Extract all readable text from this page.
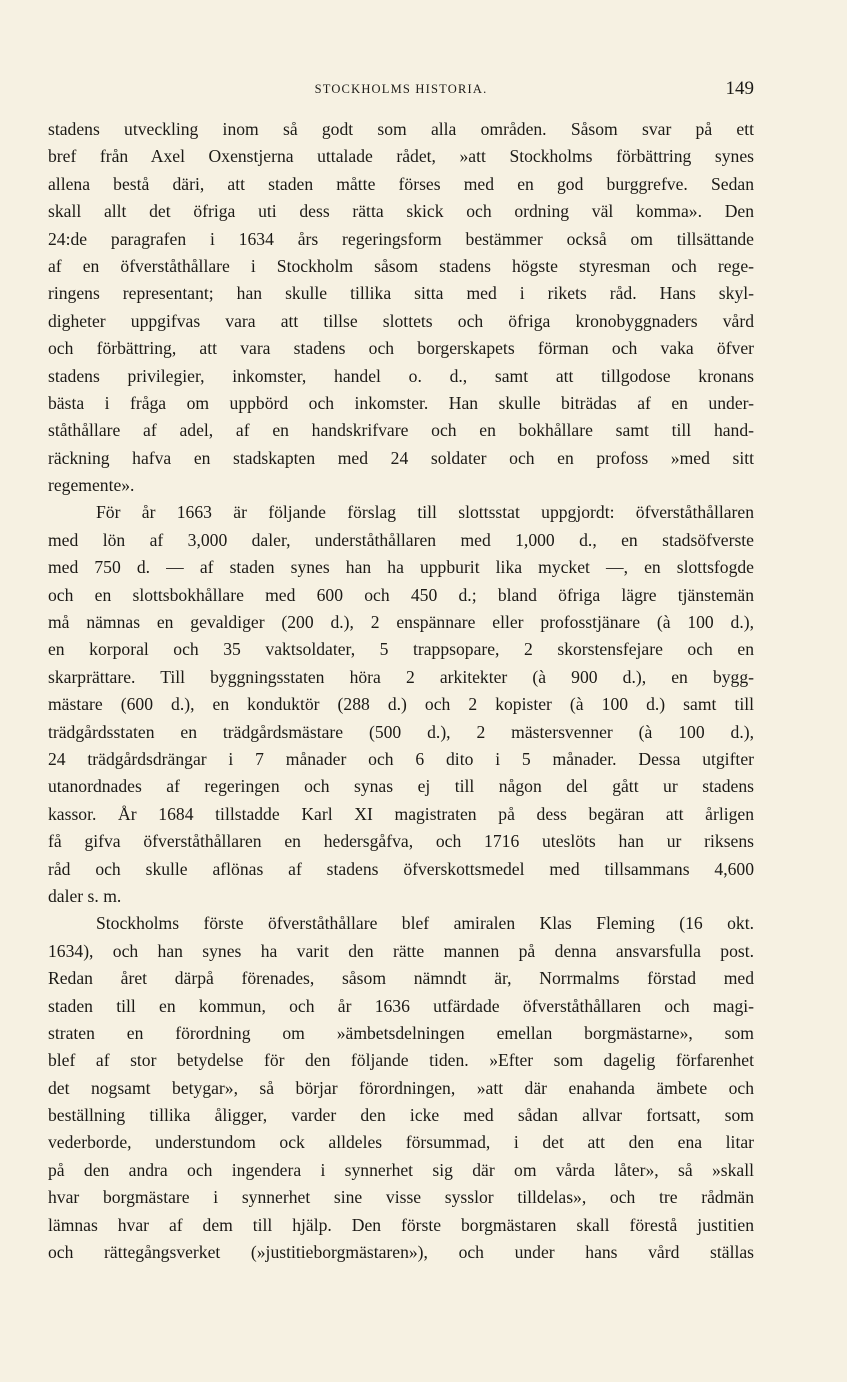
STOCKHOLMS HISTORIA.	149
stadens utveckling inom så godt som alla områden. Såsom svar på ett
bref från Axel Oxenstjerna uttalade rådet, »att Stockholms förbättring synes
allena bestå däri, att staden måtte förses med en god burggrefve. Sedan
skall allt det öfriga uti dess rätta skick och ordning väl komma». Den
24:de paragrafen i 1634 års regeringsform bestämmer också om tillsättande
af en öfverståthållare i Stockholm såsom stadens högste styresman och rege-
ringens representant; han skulle tillika sitta med i rikets råd. Hans skyl-
digheter uppgifvas vara att tillse slottets och öfriga kronobyggnaders vård
och förbättring, att vara stadens och borgerskapets förman och vaka öfver
stadens privilegier, inkomster, handel o. d., samt att tillgodose kronans
bästa i fråga om uppbörd och inkomster. Han skulle biträdas af en under-
ståthållare af adel, af en handskrifvare och en bokhållare samt till hand-
räckning hafva en stadskapten med 24 soldater och en profoss »med sitt
regemente».
För år 1663 är följande förslag till slottsstat uppgjordt: öfverståthållaren
med lön af 3,000 daler, underståthållaren med 1,000 d., en stadsöfverste
med 750 d. — af staden synes han ha uppburit lika mycket —, en slottsfogde
och en slottsbokhållare med 600 och 450 d.; bland öfriga lägre tjänstemän
må nämnas en gevaldiger (200 d.), 2 enspännare eller profosstjänare (à 100 d.),
en korporal och 35 vaktsoldater, 5 trappsopare, 2 skorstensfejare och en
skarprättare. Till byggningsstaten höra 2 arkitekter (à 900 d.), en bygg-
mästare (600 d.), en konduktör (288 d.) och 2 kopister (à 100 d.) samt till
trädgårdsstaten en trädgårdsmästare (500 d.), 2 mästersvenner (à 100 d.),
24 trädgårdsdrängar i 7 månader och 6 dito i 5 månader. Dessa utgifter
utanordnades af regeringen och synas ej till någon del gått ur stadens
kassor. År 1684 tillstadde Karl XI magistraten på dess begäran att årligen
få gifva öfverståthållaren en hedersgåfva, och 1716 uteslöts han ur riksens
råd och skulle aflönas af stadens öfverskottsmedel med tillsammans 4,600
daler s. m.
Stockholms förste öfverståthållare blef amiralen Klas Fleming (16 okt.
1634), och han synes ha varit den rätte mannen på denna ansvarsfulla post.
Redan året därpå förenades, såsom nämndt är, Norrmalms förstad med
staden till en kommun, och år 1636 utfärdade öfverståthållaren och magi-
straten en förordning om »ämbetsdelningen emellan borgmästarne», som
blef af stor betydelse för den följande tiden. »Efter som dagelig förfarenhet
det nogsamt betygar», så börjar förordningen, »att där enahanda ämbete och
beställning tillika åligger, varder den icke med sådan allvar fortsatt, som
vederborde, understundom ock alldeles försummad, i det att den ena litar
på den andra och ingendera i synnerhet sig där om vårda låter», så »skall
hvar borgmästare i synnerhet sine visse sysslor tilldelas», och tre rådmän
lämnas hvar af dem till hjälp. Den förste borgmästaren skall förestå justitien
och rättegångsverket (»justitieborgmästaren»), och under hans vård ställas
